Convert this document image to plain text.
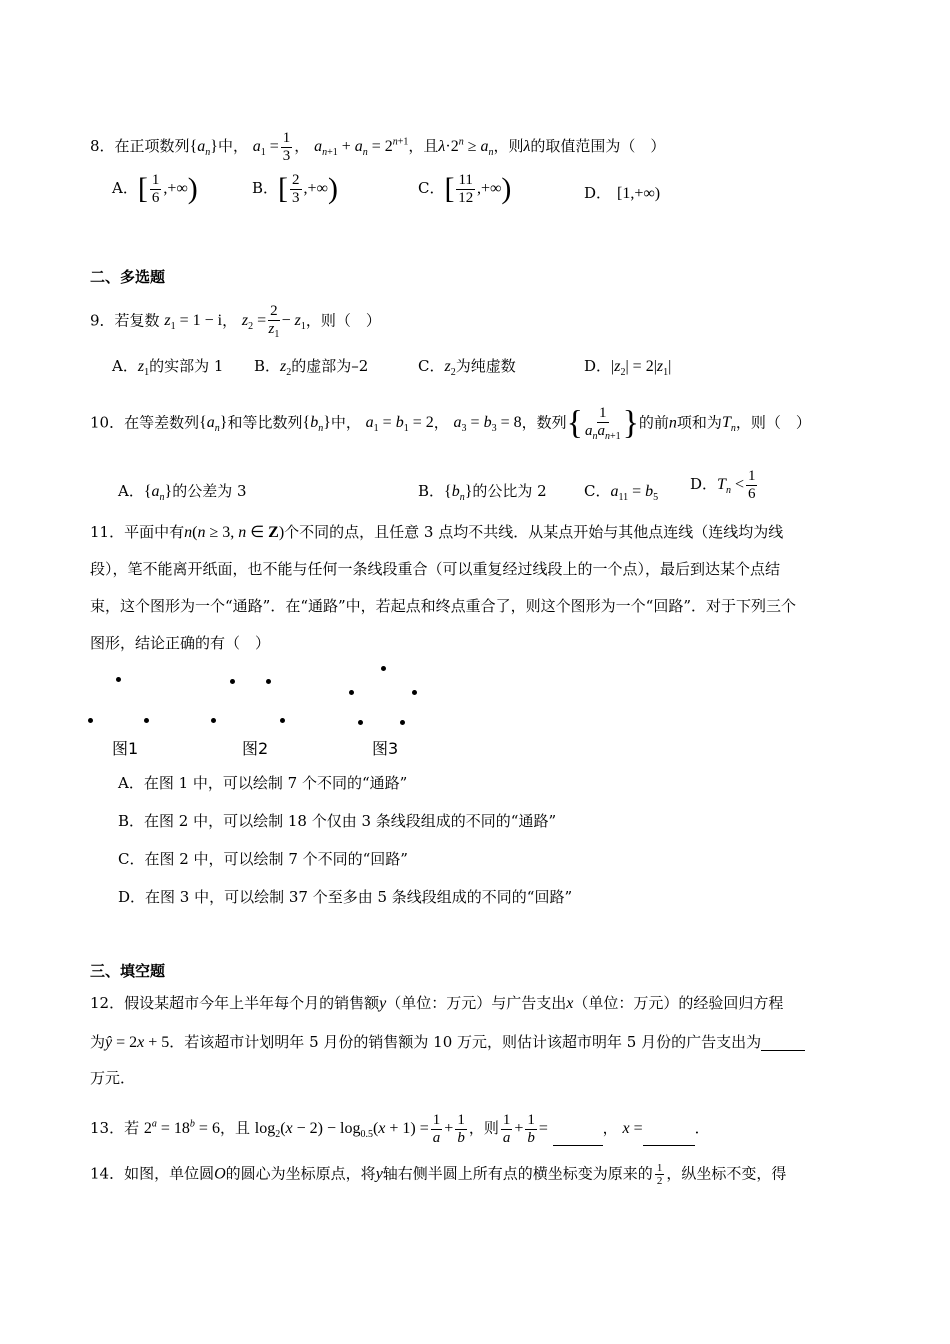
8．在正项数列$\{a_n\}$中， $a_1 = \frac{1}{3}$ ， $a_{n+1} + a_n = 2^{n+1}$，且$\lambda\cdot 2^n \ge a_n$，则λ的取值范围为（　）
A．[ $\frac{1}{6}$ ,+∞)	B．[ $\frac{2}{3}$ ,+∞)	C．[ $\frac{11}{12}$ ,+∞)	D． [1,+∞)
二、多选题
9．若复数 $z_1 = 1 - i$， $z_2 = \frac{2}{z_1} - z_1$，则（　）
A．$z_1$的实部为 1 B．$z_2$的虚部为–2	C．$z_2$为纯虚数	D．$|z_2| = 2|z_1|$
10．在等差数列$\{a_n\}$和等比数列$\{b_n\}$中， $a_1 = b_1 = 2$， $a_3 = b_3 = 8$，数列{ $\frac{1}{a_na_{n+1}}$ }的前n项和为$T_n$，则（　）
A．$\{a_n\}$的公差为 3	B．$\{b_n\}$的公比为 2 C．$a_{11} = b_5$
D．$T_n < \frac{1}{6}$
11．平面中有n(n ≥ 3, n ∈ Z)个不同的点，且任意 3 点均不共线．从某点开始与其他点连线（连线均为线
段），笔不能离开纸面，也不能与任何一条线段重合（可以重复经过线段上的一个点），最后到达某个点结
束，这个图形为一个“通路”．在“通路”中，若起点和终点重合了，则这个图形为一个“回路”．对于下列三个
图形，结论正确的有（　）
图1	图2	图3
A．在图 1 中，可以绘制 7 个不同的“通路”
B．在图 2 中，可以绘制 18 个仅由 3 条线段组成的不同的“通路”
C．在图 2 中，可以绘制 7 个不同的“回路”
D．在图 3 中，可以绘制 37 个至多由 5 条线段组成的不同的“回路”
三、填空题
12．假设某超市今年上半年每个月的销售额y（单位：万元）与广告支出x（单位：万元）的经验回归方程
为ŷ = 2x + 5．若该超市计划明年 5 月份的销售额为 10 万元，则估计该超市明年 5 月份的广告支出为
万元．
13．若 $2^a = 18^b = 6$，且 $\log_2(x - 2) - \log_{0.5}(x + 1) = \frac{1}{a} + \frac{1}{b}$ ，则 $\frac{1}{a} + \frac{1}{b}$ =	， x =	．
14．如图，单位圆O的圆心为坐标原点，将y轴右侧半圆上所有点的横坐标变为原来的 $\frac{1}{2}$ ，纵坐标不变，得
